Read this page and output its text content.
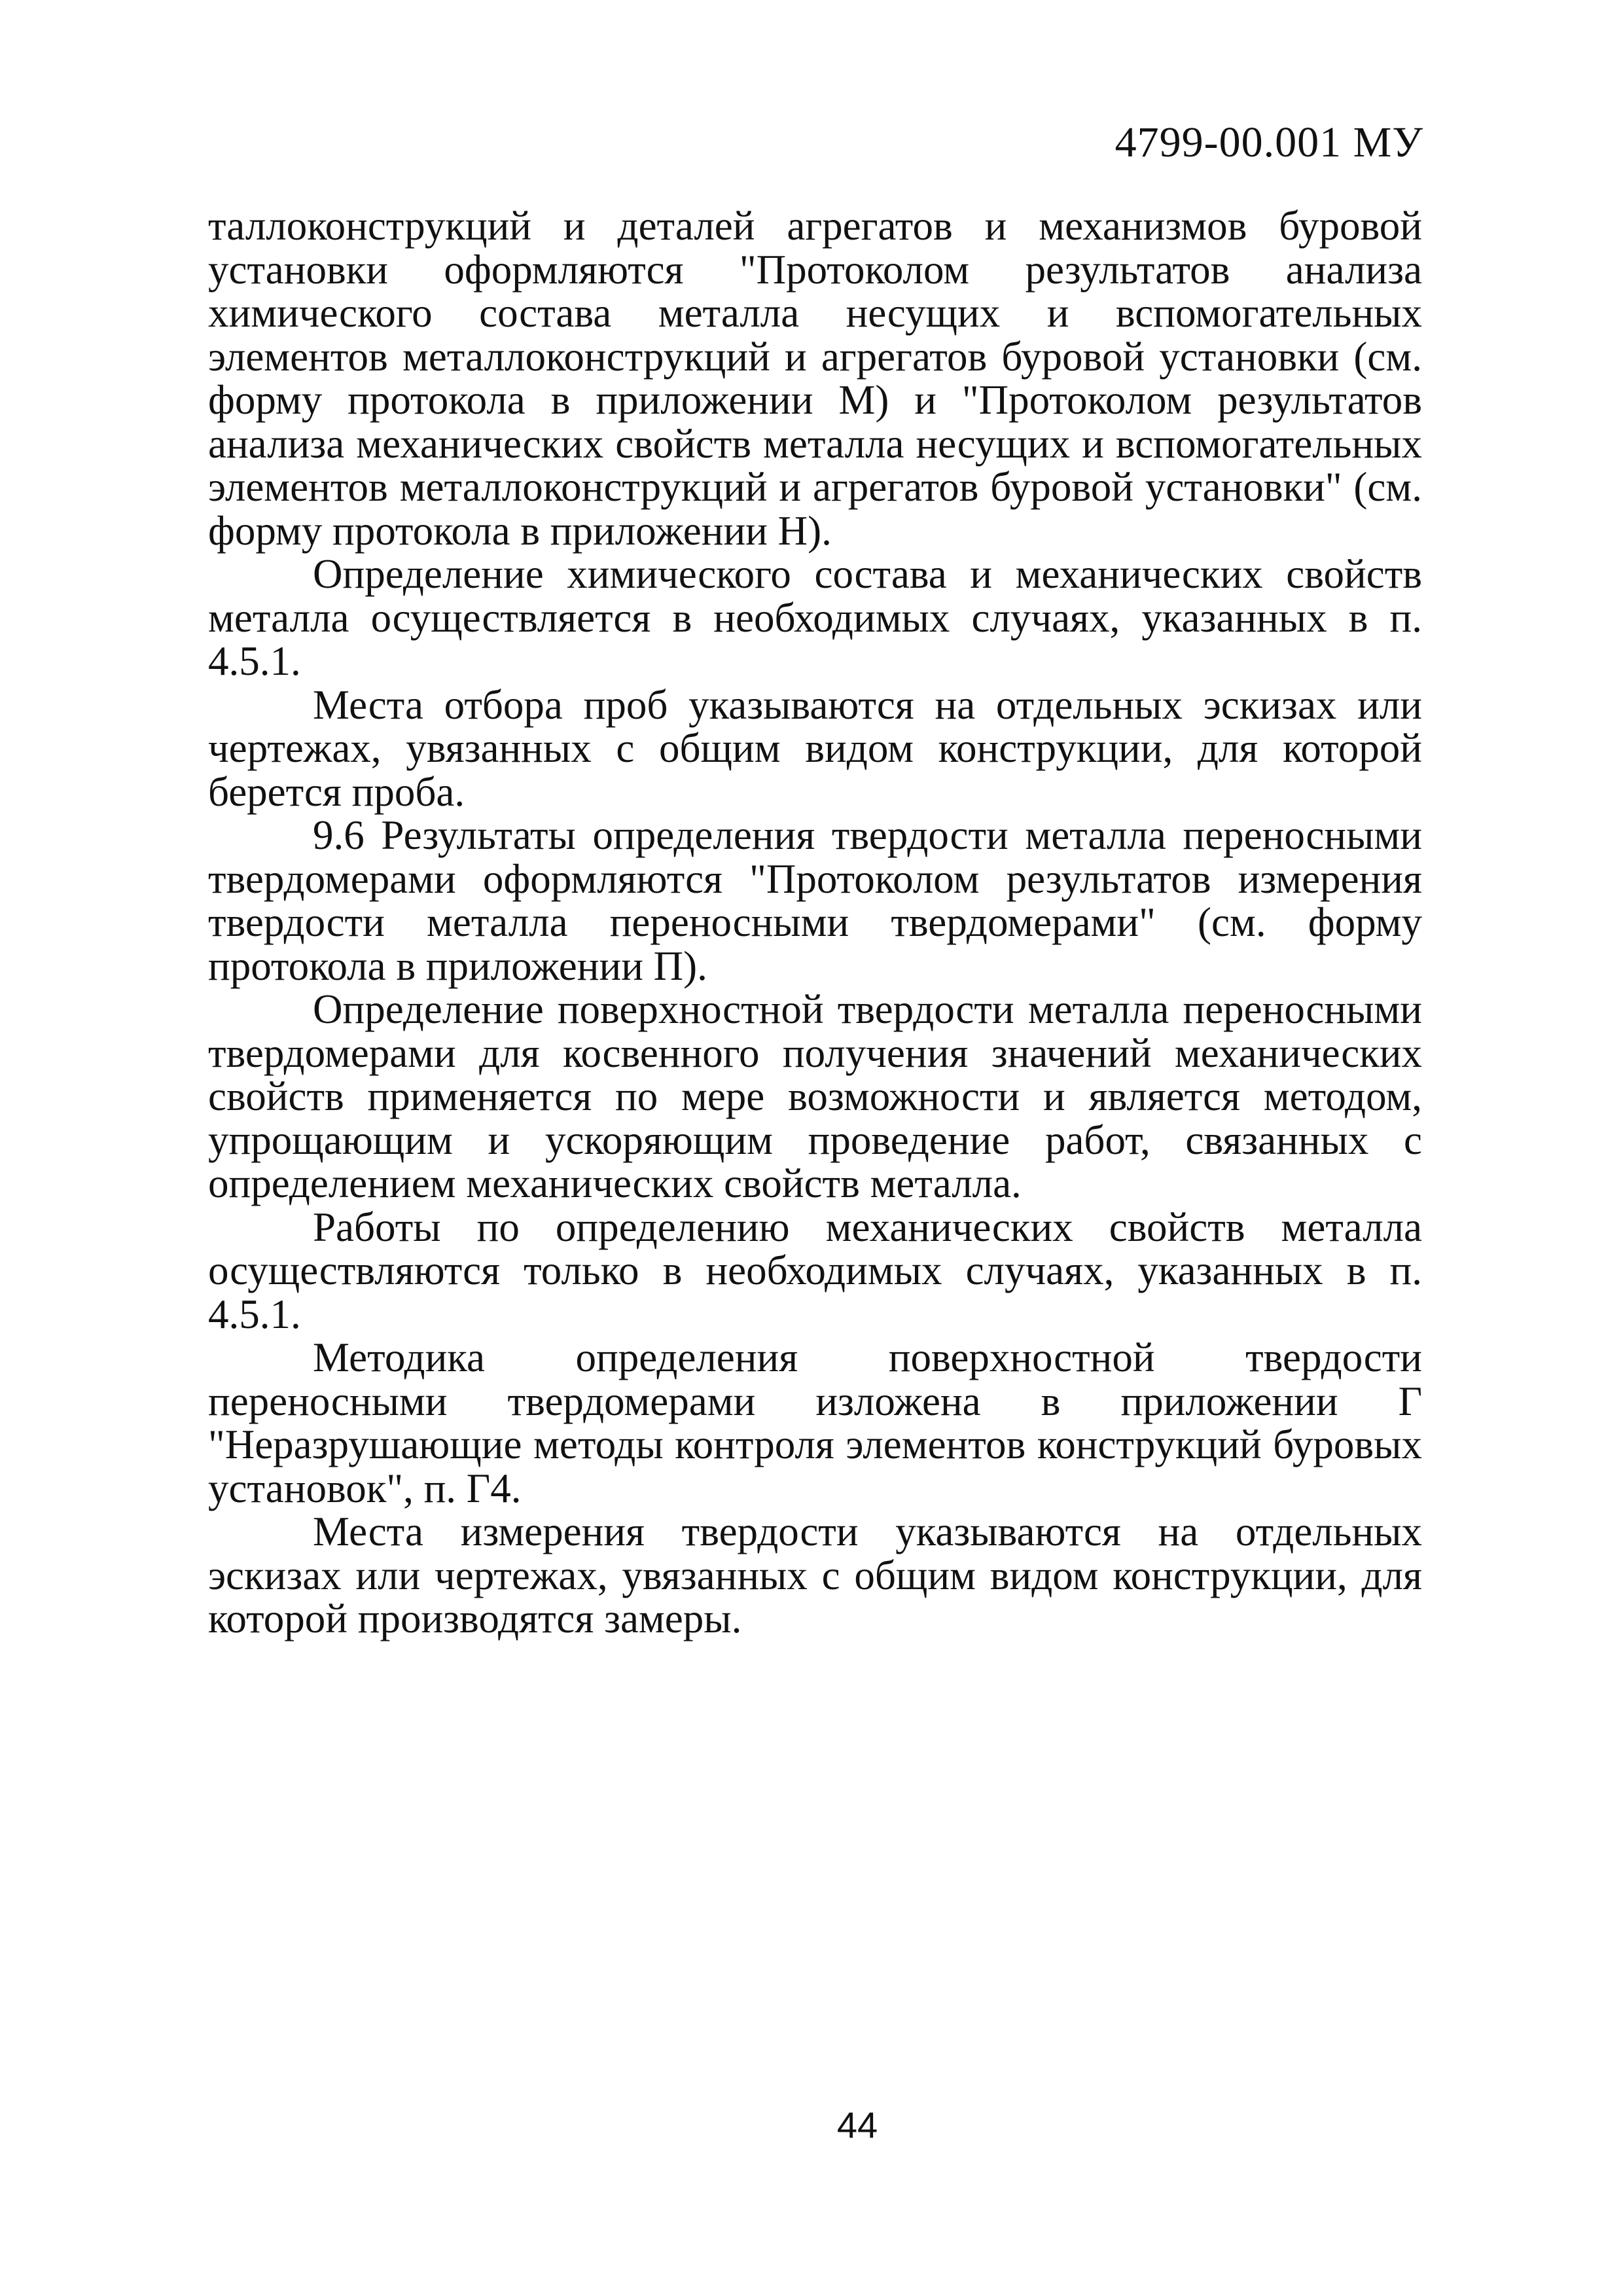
4799-00.001 МУ

таллоконструкций и деталей агрегатов и механизмов буровой установки оформляются "Протоколом результатов анализа химического состава металла несущих и вспомогательных элементов металлоконструкций и агрегатов буровой установки (см. форму протокола в приложении М) и "Протоколом результатов анализа механических свойств металла несущих и вспомогательных элементов металлоконструкций и агрегатов буровой установки" (см. форму протокола в приложении Н).

Определение химического состава и механических свойств металла осуществляется в необходимых случаях, указанных в п. 4.5.1.

Места отбора проб указываются на отдельных эскизах или чертежах, увязанных с общим видом конструкции, для которой берется проба.

9.6 Результаты определения твердости металла переносными твердомерами оформляются "Протоколом результатов измерения твердости металла переносными твердомерами" (см. форму протокола в приложении П).

Определение поверхностной твердости металла переносными твердомерами для косвенного получения значений механических свойств применяется по мере возможности и является методом, упрощающим и ускоряющим проведение работ, связанных с определением механических свойств металла.

Работы по определению механических свойств металла осуществляются только в необходимых случаях, указанных в п. 4.5.1.

Методика определения поверхностной твердости переносными твердомерами изложена в приложении Г "Неразрушающие методы контроля элементов конструкций буровых установок", п. Г4.

Места измерения твердости указываются на отдельных эскизах или чертежах, увязанных с общим видом конструкции, для которой производятся замеры.

44
